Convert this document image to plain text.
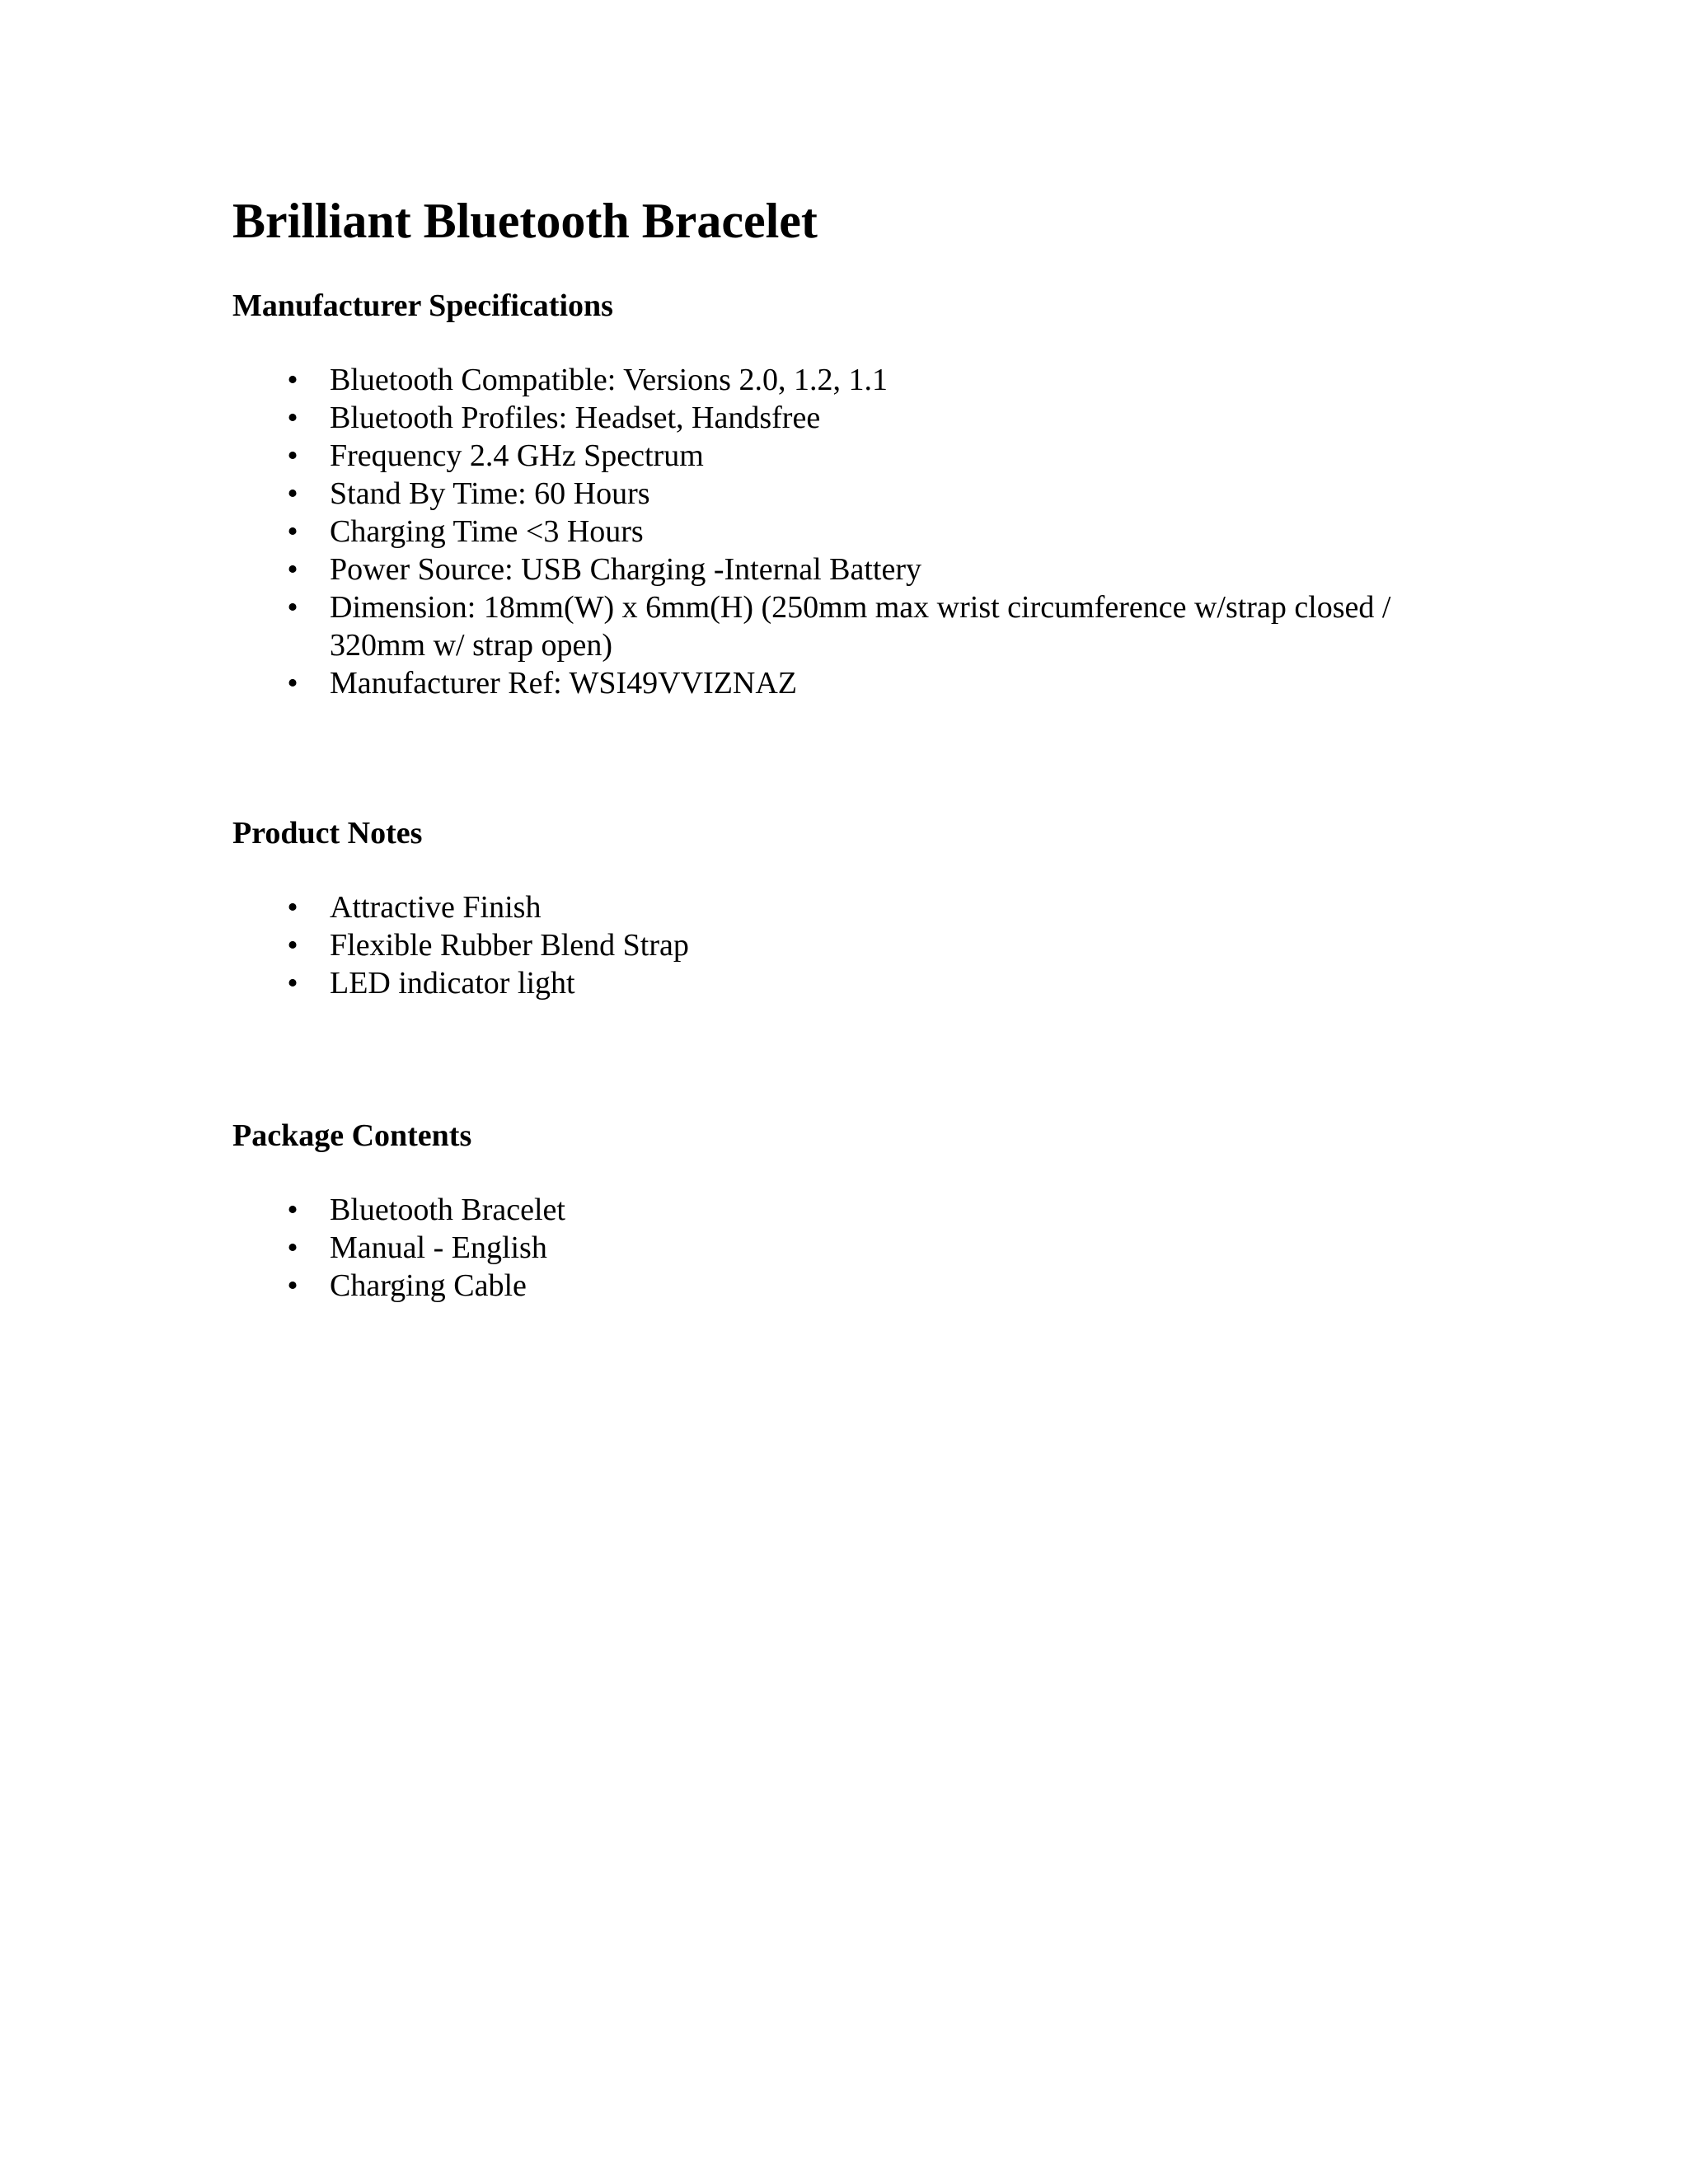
Brilliant Bluetooth Bracelet
Manufacturer Specifications
• Bluetooth Compatible: Versions 2.0, 1.2, 1.1
• Bluetooth Profiles: Headset, Handsfree
• Frequency 2.4 GHz Spectrum
• Stand By Time: 60 Hours
• Charging Time <3 Hours
• Power Source: USB Charging -Internal Battery
• Dimension: 18mm(W) x 6mm(H) (250mm max wrist circumference w/strap closed / 320mm w/ strap open)
• Manufacturer Ref: WSI49VVIZNAZ
Product Notes
• Attractive Finish
• Flexible Rubber Blend Strap
• LED indicator light
Package Contents
• Bluetooth Bracelet
• Manual - English
• Charging Cable
